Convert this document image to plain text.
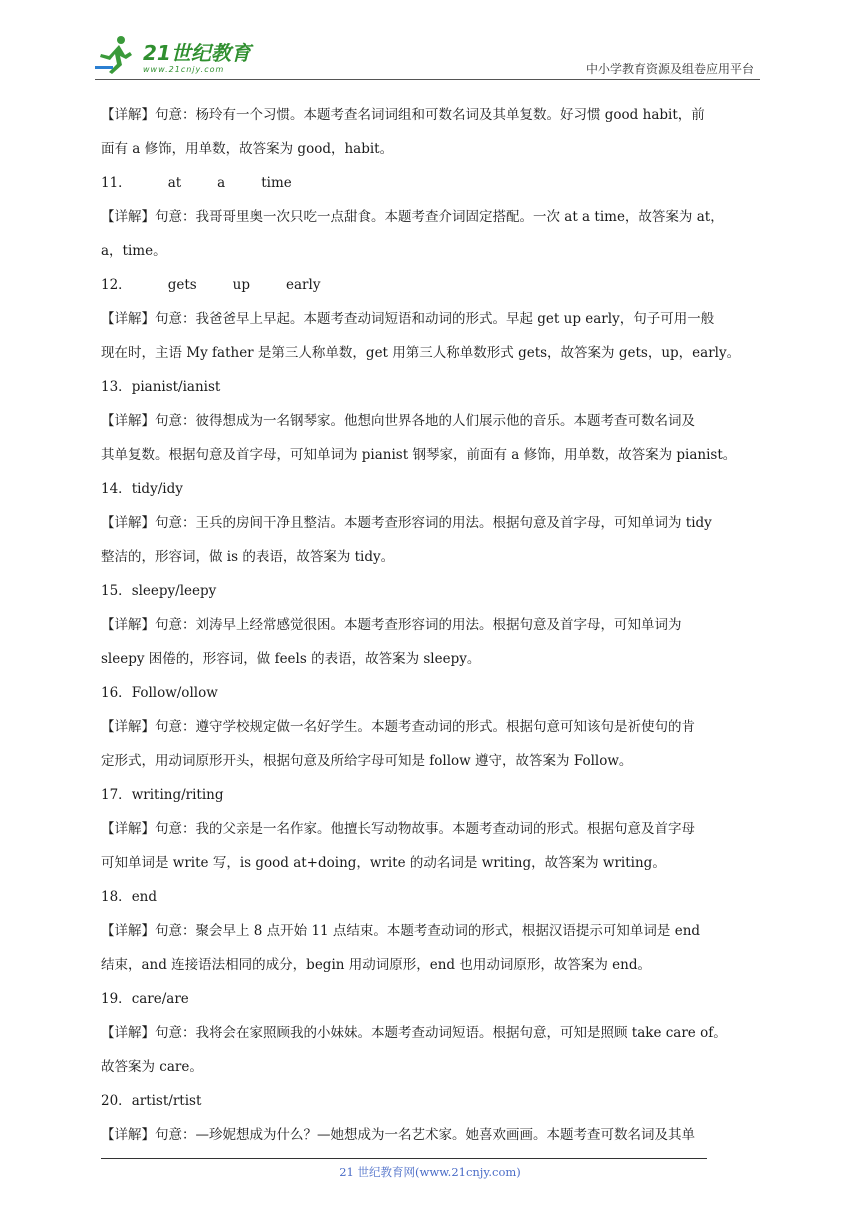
21世纪教育
www.21cnjy.com	中小学教育资源及组卷应用平台
【详解】句意：杨玲有一个习惯。本题考查名词词组和可数名词及其单复数。好习惯 good habit，前
面有 a 修饰，用单数，故答案为 good，habit。
11．	at	a	time
【详解】句意：我哥哥里奥一次只吃一点甜食。本题考查介词固定搭配。一次 at a time，故答案为 at，
a，time。
12．	gets	up	early
【详解】句意：我爸爸早上早起。本题考查动词短语和动词的形式。早起 get up early，句子可用一般
现在时，主语 My father 是第三人称单数，get 用第三人称单数形式 gets，故答案为 gets，up，early。
13．pianist/ianist
【详解】句意：彼得想成为一名钢琴家。他想向世界各地的人们展示他的音乐。本题考查可数名词及
其单复数。根据句意及首字母，可知单词为 pianist 钢琴家，前面有 a 修饰，用单数，故答案为 pianist。
14．tidy/idy
【详解】句意：王兵的房间干净且整洁。本题考查形容词的用法。根据句意及首字母，可知单词为 tidy
整洁的，形容词，做 is 的表语，故答案为 tidy。
15．sleepy/leepy
【详解】句意：刘涛早上经常感觉很困。本题考查形容词的用法。根据句意及首字母，可知单词为
sleepy 困倦的，形容词，做 feels 的表语，故答案为 sleepy。
16．Follow/ollow
【详解】句意：遵守学校规定做一名好学生。本题考查动词的形式。根据句意可知该句是祈使句的肯
定形式，用动词原形开头，根据句意及所给字母可知是 follow 遵守，故答案为 Follow。
17．writing/riting
【详解】句意：我的父亲是一名作家。他擅长写动物故事。本题考查动词的形式。根据句意及首字母
可知单词是 write 写，is good at+doing，write 的动名词是 writing，故答案为 writing。
18．end
【详解】句意：聚会早上 8 点开始 11 点结束。本题考查动词的形式，根据汉语提示可知单词是 end
结束，and 连接语法相同的成分，begin 用动词原形，end 也用动词原形，故答案为 end。
19．care/are
【详解】句意：我将会在家照顾我的小妹妹。本题考查动词短语。根据句意，可知是照顾 take care of。
故答案为 care。
20．artist/rtist
【详解】句意：—珍妮想成为什么？—她想成为一名艺术家。她喜欢画画。本题考查可数名词及其单
21 世纪教育网(www.21cnjy.com)
